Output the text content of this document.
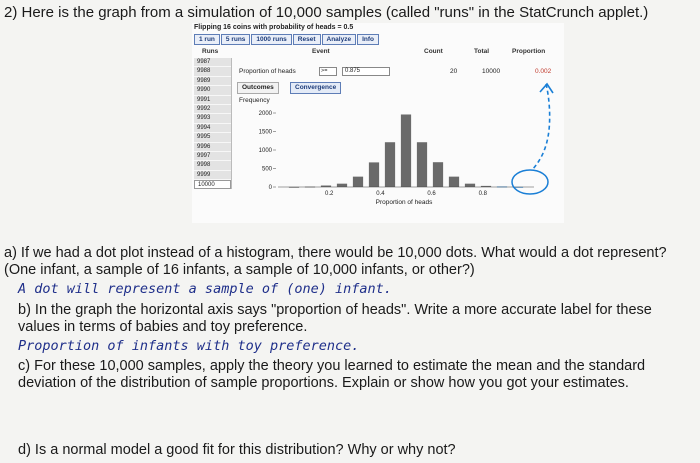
2) Here is the graph from a simulation of 10,000 samples (called "runs" in the StatCrunch applet.)
Flipping 16 coins with probability of heads = 0.5
1 run	5 runs	1000 runs	Reset	Analyze	Info
Runs	Event	Count	Total	Proportion
9987
9988
9989
9990
9991
9992
9993
9994
9995
9996
9997
9998
9999
10000
Proportion of heads	>=	0.875	20	10000	0.002
Outcomes	Convergence
Frequency
2000
1500
1000
500
0
0.2	0.4	0.6	0.8
Proportion of heads
a) If we had a dot plot instead of a histogram, there would be 10,000 dots. What would a dot represent? (One infant, a sample of 16 infants, a sample of 10,000 infants, or other?)
A dot will represent a sample of (one) infant.
b) In the graph the horizontal axis says "proportion of heads". Write a more accurate label for these values in terms of babies and toy preference.
Proportion of infants with toy preference.
c) For these 10,000 samples, apply the theory you learned to estimate the mean and the standard deviation of the distribution of sample proportions. Explain or show how you got your estimates.
d) Is a normal model a good fit for this distribution? Why or why not?
